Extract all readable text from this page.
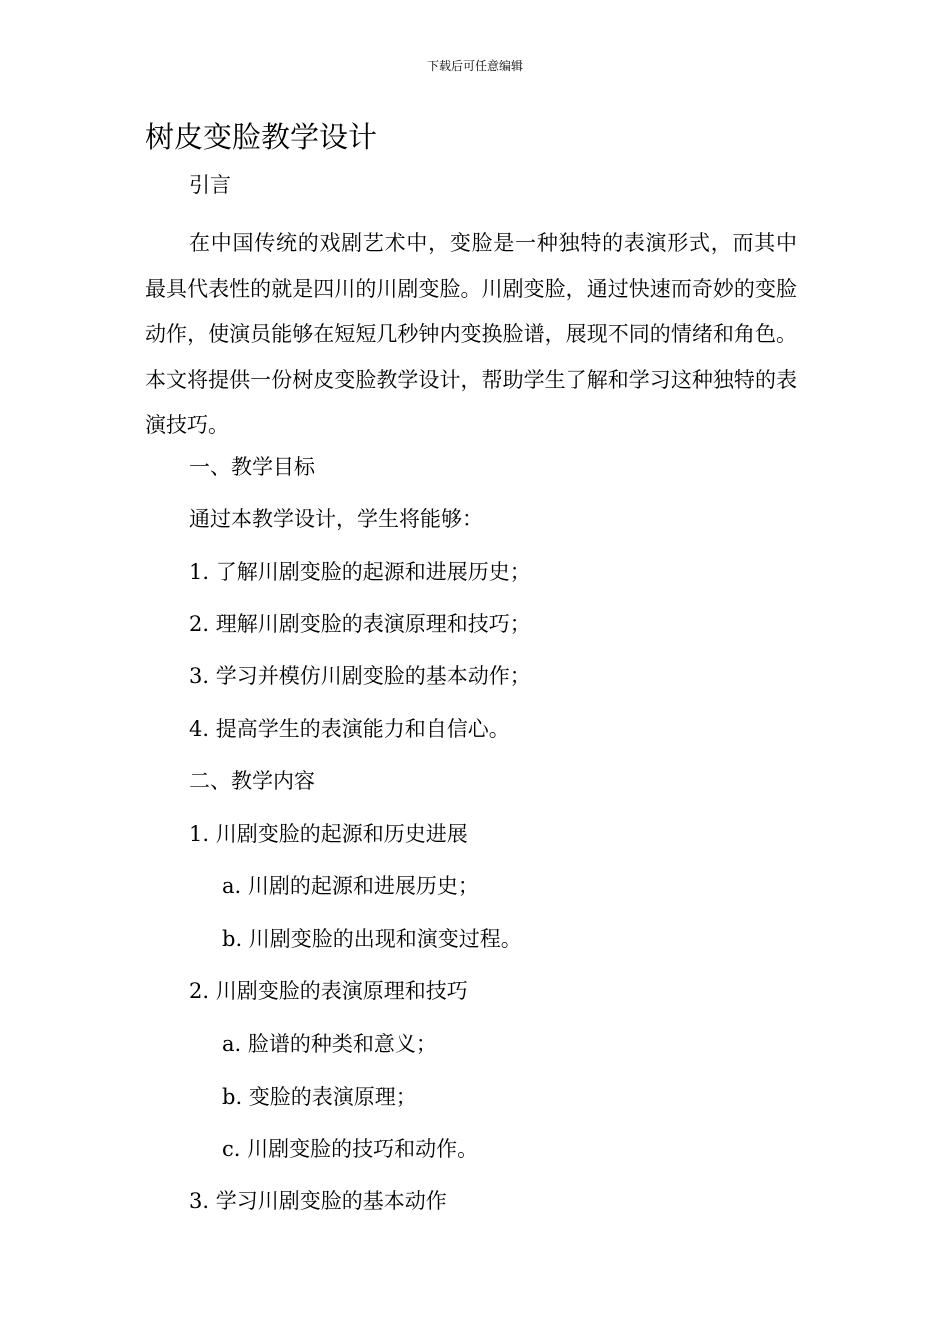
下载后可任意编辑
树皮变脸教学设计
引言
在中国传统的戏剧艺术中，变脸是一种独特的表演形式，而其中最具代表性的就是四川的川剧变脸。川剧变脸，通过快速而奇妙的变脸动作，使演员能够在短短几秒钟内变换脸谱，展现不同的情绪和角色。本文将提供一份树皮变脸教学设计，帮助学生了解和学习这种独特的表演技巧。
一、教学目标
通过本教学设计，学生将能够：
1. 了解川剧变脸的起源和进展历史；
2. 理解川剧变脸的表演原理和技巧；
3. 学习并模仿川剧变脸的基本动作；
4. 提高学生的表演能力和自信心。
二、教学内容
1. 川剧变脸的起源和历史进展
a. 川剧的起源和进展历史；
b. 川剧变脸的出现和演变过程。
2. 川剧变脸的表演原理和技巧
a. 脸谱的种类和意义；
b. 变脸的表演原理；
c. 川剧变脸的技巧和动作。
3. 学习川剧变脸的基本动作
